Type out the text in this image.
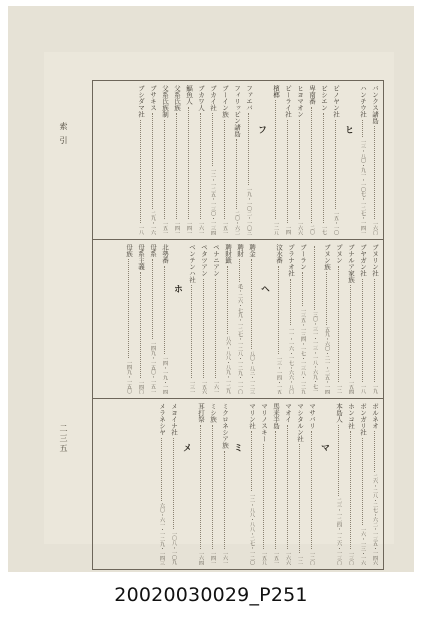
索引
二三五
バンクス諸島
一六〇
ハンチウ社
一三・八〇・九一・一〇七・一二七・一四一
ヒ
ピノヤン社
一五・一〇
ビシエン
一七
卑南番
二〇
ヒヨマオン
一六六
ピーライ社
一四
檳榔
一二八
フ
ファエバ
一九・一〇二・一〇三
フィリッピン諸島
二〇・六二
ブーイン族
一五一
ブカイ社
一二・一二五・一三〇・一三四
ブカワ人
一六一
鰏魚人
一四一
父系氏族
一四一
父系氏族制
一五一
ブサキス
二九・一六
ブシダマ社
一八
ブヌリン社
一九
ブヤガン社
一八
ブナルア家族
一五四
プヌン
一二
ブヌン族
五九・六〇・二一・二五・一四
三〇・三一・一三・一八・六九・七一
ブーラン
一三五・一三四・一七・一三八・一二九
プラナオ社
一一・一六・一七・六六・八〇
汶水番
一三・一四・一五
ヘ
聘金
八〇・八三・一二三
聘財
毛・二六・七九・一二七・一二八・一二九・一一〇
聘財籤
八六・八八・八九・一二九
ペナニアン
一六一
ペタツアン
一五六
ベンテンハ社
一三一
ホ
北勢番
一四・一九・一四
母系
一四九・一五〇・一五一
母系主義
一四〇
母族
一四九・一五〇
ボルネオ
二六・二八・二七・六二・一三五・一四六
ボンガリ社
一六・一三・一六
ホンコ社
一三〇
本島人
二三・一二四・一二六・一三〇
マ
マサバリ
一二〇
マシタルン社
一二
マオイ
一六六
馬来半島
一五一
マリノスキー
一五八
マリン社
一二・八八・八八・二七・一二〇
ミ
ミクロネシア族
一六一
ミシ族
一四一
耳打祭
一六四
メ
メヨイナ社
一〇八・一〇九
メラネシヤ
六〇・六一・一二九・一四三
20020030029_P251
